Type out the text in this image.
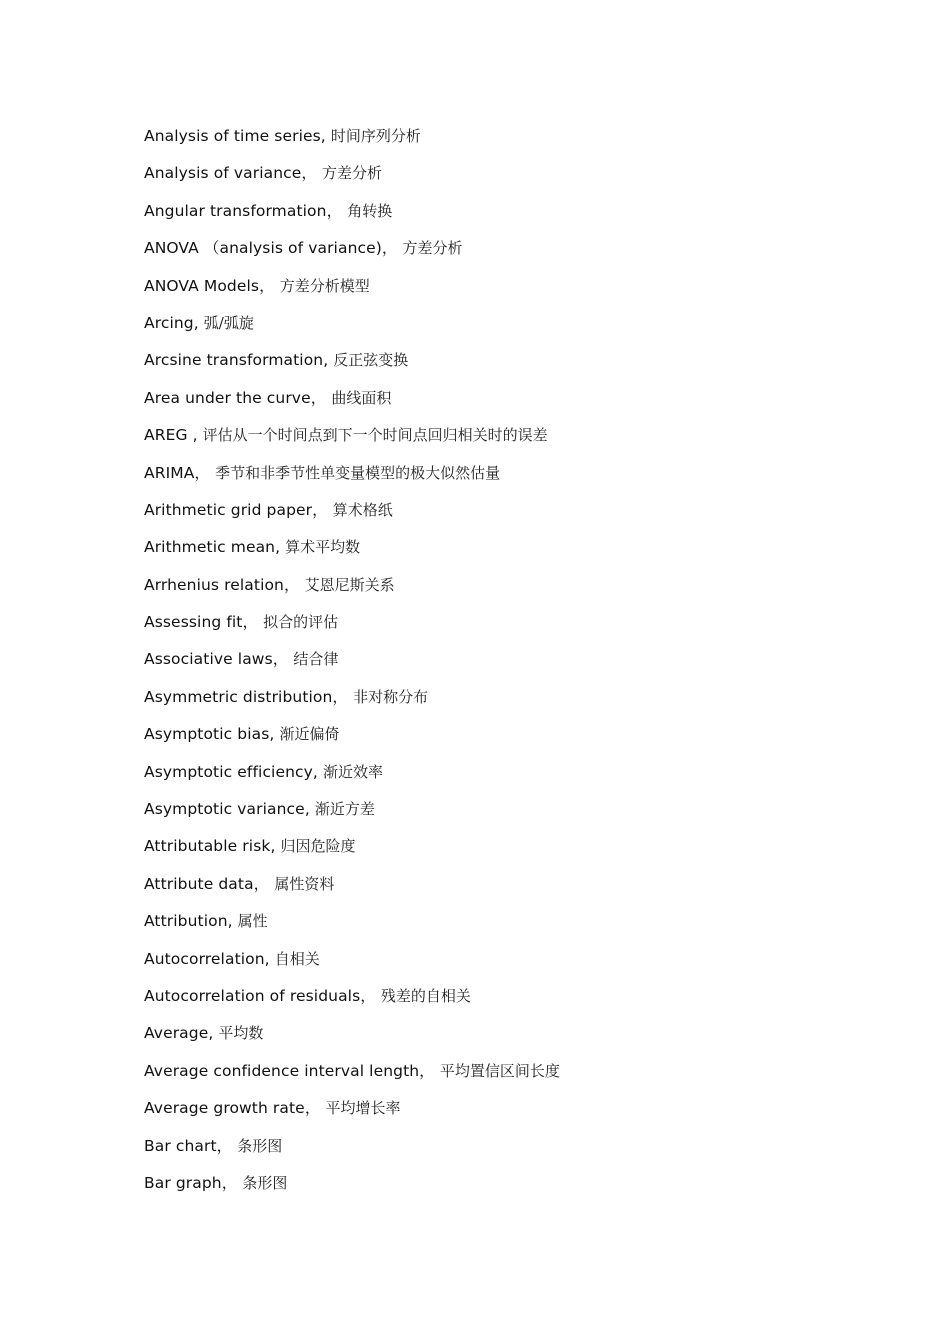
Analysis of time series, 时间序列分析
Analysis of variance， 方差分析
Angular transformation， 角转换
ANOVA （analysis of variance)， 方差分析
ANOVA Models， 方差分析模型
Arcing, 弧/弧旋
Arcsine transformation, 反正弦变换
Area under the curve， 曲线面积
AREG , 评估从一个时间点到下一个时间点回归相关时的误差
ARIMA， 季节和非季节性单变量模型的极大似然估量
Arithmetic grid paper， 算术格纸
Arithmetic mean, 算术平均数
Arrhenius relation， 艾恩尼斯关系
Assessing fit， 拟合的评估
Associative laws， 结合律
Asymmetric distribution， 非对称分布
Asymptotic bias, 渐近偏倚
Asymptotic efficiency, 渐近效率
Asymptotic variance, 渐近方差
Attributable risk, 归因危险度
Attribute data， 属性资料
Attribution, 属性
Autocorrelation, 自相关
Autocorrelation of residuals， 残差的自相关
Average, 平均数
Average confidence interval length， 平均置信区间长度
Average growth rate， 平均增长率
Bar chart， 条形图
Bar graph， 条形图
